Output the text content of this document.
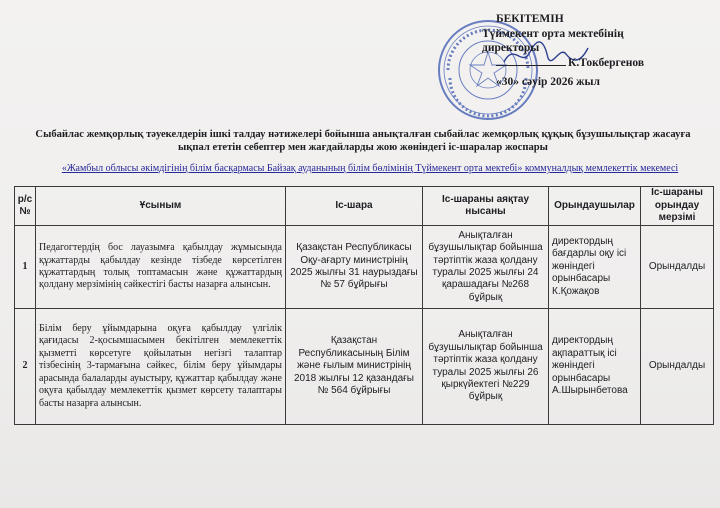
БЕКІТЕМІН
Түймекент орта мектебінің
директоры
К.Токбергенов
«30» сәуір 2026 жыл
Сыбайлас жемқорлық тәуекелдерін ішкі талдау нәтижелері бойынша анықталған сыбайлас жемқорлық құқық бұзушылықтар жасауға
ықпал ететін себептер мен жағдайларды жою жөніндегі іс-шаралар жоспары
«Жамбыл облысы әкімдігінің білім басқармасы Байзақ ауданының білім бөлімінің Түймекент орта мектебі» коммуналдық мемлекеттік мекемесі
р/с №	Ұсыным	Іс-шара	Іс-шараны аяқтау нысаны	Орындаушылар	Іс-шараны орындау мерзімі
1	Педагогтердің бос лауазымға қабылдау жұмысында құжаттарды қабылдау кезінде тізбеде көрсетілген құжаттардың толық топтамасын және құжаттардың қолдану мерзімінің сәйкестігі басты назарға алынсын.	Қазақстан Республикасы Оқу-ағарту министрінің 2025 жылғы 31 наурыздағы № 57 бұйрығы	Анықталған бұзушылықтар бойынша тәртіптік жаза қолдану туралы 2025 жылғы 24 қарашадағы №268 бұйрық	директордың бағдарлы оқу ісі жөніндегі орынбасары К.Қожақов	Орындалды
2	Білім беру ұйымдарына оқуға қабылдау үлгілік қағидасы 2-қосымшасымен бекітілген мемлекеттік қызметті көрсетуге қойылатын негізгі талаптар тізбесінің 3-тармағына сәйкес, білім беру ұйымдары арасында балаларды ауыстыру, құжаттар қабылдау және оқуға қабылдау мемлекеттік қызмет көрсету талаптары басты назарға алынсын.	Қазақстан Республикасының Білім және ғылым министрінің 2018 жылғы 12 қазандағы № 564 бұйрығы	Анықталған бұзушылықтар бойынша тәртіптік жаза қолдану туралы 2025 жылғы 26 қыркүйектегі №229 бұйрық	директордың ақпараттық ісі жөніндегі орынбасары А.Шырынбетова	Орындалды
